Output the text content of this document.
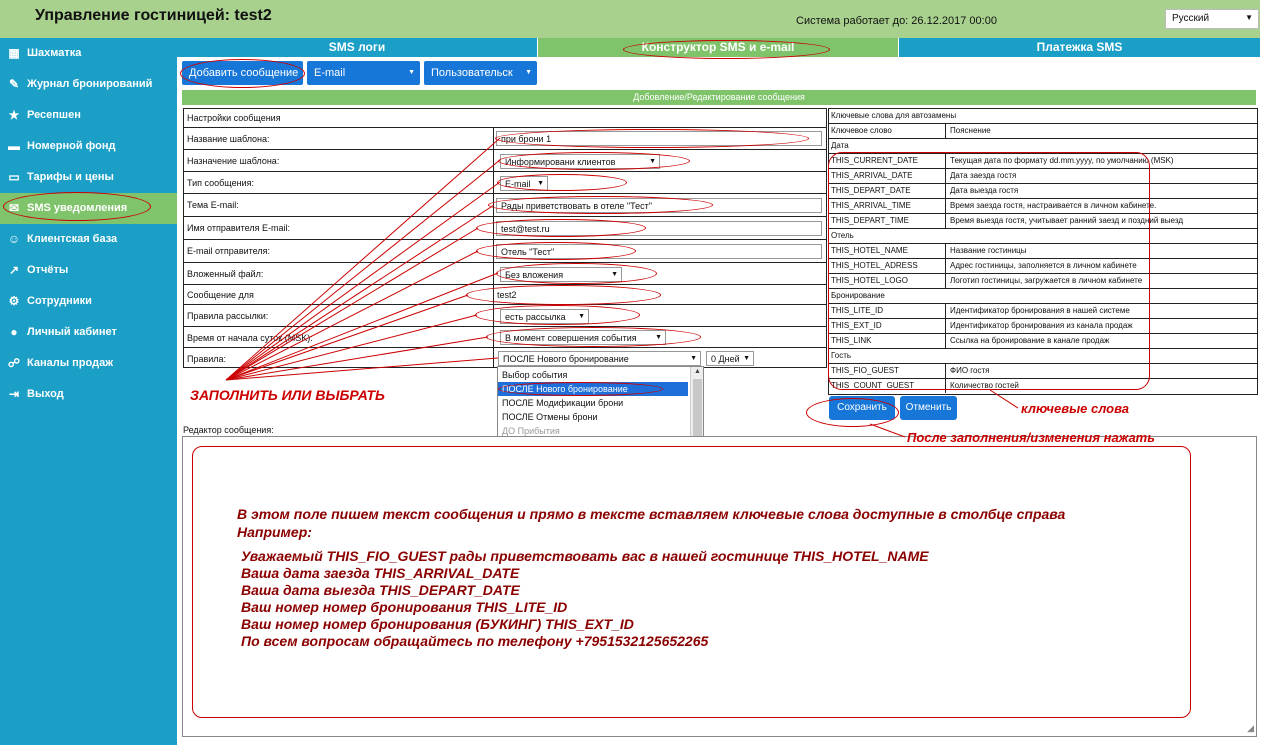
Управление гостиницей: test2	Система работает до: 26.12.2017 00:00	Русский	▼
▦ Шахматка
✎ Журнал бронирований
★ Ресепшен
▬ Номерной фонд
▭ Тарифы и цены
✉ SMS уведомления
☺ Клиентская база
↗ Отчёты
⚙ Сотрудники
● Личный кабинет
☍ Каналы продаж
⇥ Выход
SMS логи	Конструктор SMS и e-mail	Платежка SMS
Добавить сообщение	E-mail	▼	Пользовательск ▼
Добовление/Редактирование сообщения
Настройки сообщения
Название шаблона:	при брони 1
Назначение шаблона:	Информировани клиентов	▼
Тип сообщения:	E-mail ▼
Тема E-mail:	Рады приветствовать в отеле "Тест"
Имя отправителя E-mail:	test@test.ru
E-mail отправителя:	Отель "Тест"
Вложенный файл:	Без вложения	▼
Сообщение для	test2
Правила рассылки:	есть рассылка ▼
Время от начала суток (MSK):	В момент совершения события	▼
Правила:	ПОСЛЕ Нового бронирование	▼	0 Дней ▼
Выбор события
ПОСЛЕ Нового бронирование
ПОСЛЕ Модификации брони
ПОСЛЕ Отмены брони
ДО Прибытия
▲
Ключевые слова для автозамены
Ключевое слово	Пояснение
Дата
THIS_CURRENT_DATE	Текущая дата по формату dd.mm.yyyy, по умолчанию (MSK)
THIS_ARRIVAL_DATE	Дата заезда гостя
THIS_DEPART_DATE	Дата выезда гостя
THIS_ARRIVAL_TIME	Время заезда гостя, настраивается в личном кабинете.
THIS_DEPART_TIME	Время выезда гостя, учитывает ранний заезд и поздний выезд
Отель
THIS_HOTEL_NAME	Название гостиницы
THIS_HOTEL_ADRESS	Адрес гостиницы, заполняется в личном кабинете
THIS_HOTEL_LOGO	Логотип гостиницы, загружается в личном кабинете
Бронирование
THIS_LITE_ID	Идентификатор бронирования в нашей системе
THIS_EXT_ID	Идентификатор бронирования из канала продаж
THIS_LINK	Ссылка на бронирование в канале продаж
Гость
THIS_FIO_GUEST	ФИО гостя
THIS_COUNT_GUEST	Количество гостей
Сохранить	Отменить
Редактор сообщения:
◢
В этом поле пишем текст сообщения и прямо в тексте вставляем ключевые слова доступные в столбце справа
Например:
Уважаемый THIS_FIO_GUEST рады приветствовать вас в нашей гостинице THIS_HOTEL_NAME
Ваша дата заезда THIS_ARRIVAL_DATE
Ваша дата выезда THIS_DEPART_DATE
Ваш номер номер бронирования THIS_LITE_ID
Ваш номер номер бронирования (БУКИНГ) THIS_EXT_ID
По всем вопросам обращайтесь по телефону +7951532125652265
ЗАПОЛНИТЬ ИЛИ ВЫБРАТЬ
ключевые слова
После заполнения/изменения нажать
